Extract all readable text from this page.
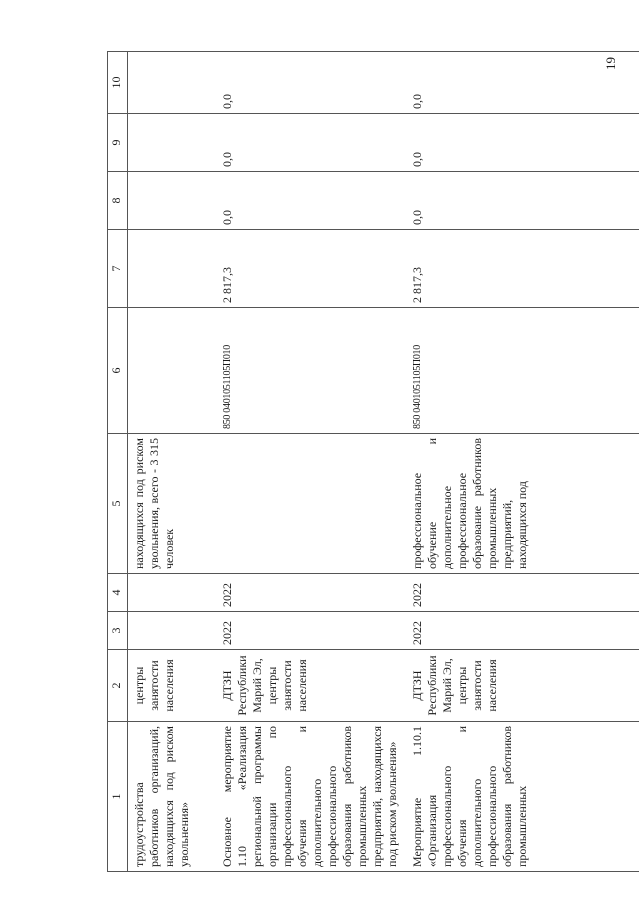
19
1	2	3	4	5	6	7	8	9	10
трудоустройства работников организаций, находящихся под риском увольнения»	центры занятости населения			находящихся под риском увольнения, всего - 3 315 человек					
Основное мероприятие 1.10 «Реализация региональной программы организации по профессионального обучения и дополнительного профессионального образования работников промышленных предприятий, находящихся под риском увольнения»	ДТЗН Республики Марий Эл, центры занятости населения	2022	2022		850 0401051105П010	2 817,3	0,0	0,0	0,0
Мероприятие 1.10.1 «Организация профессионального обучения и дополнительного профессионального образования работников промышленных	ДТЗН Республики Марий Эл, центры занятости населения	2022	2022	профессиональное обучение и дополнительное профессиональное образование работников промышленных предприятий, находящихся под	850 0401051105П010	2 817,3	0,0	0,0	0,0
